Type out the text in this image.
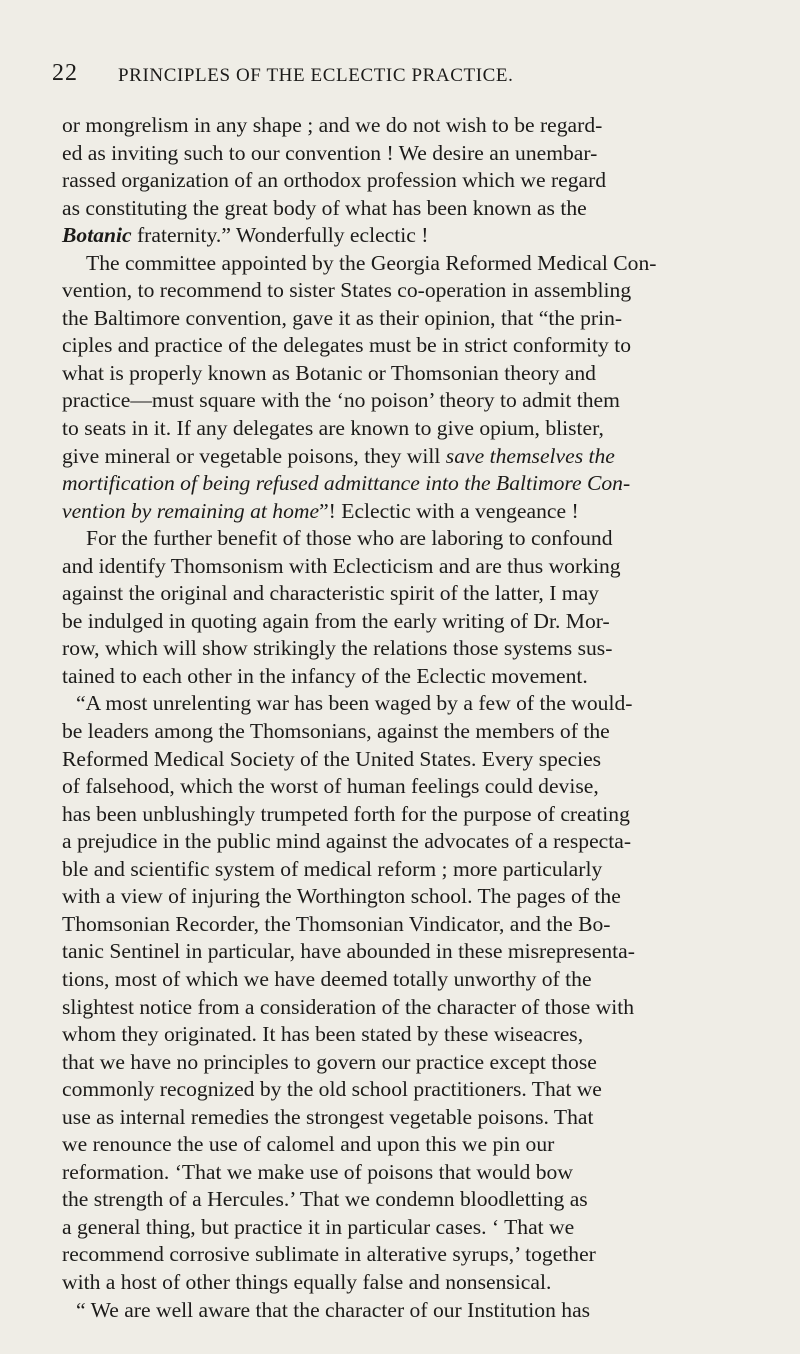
22 PRINCIPLES OF THE ECLECTIC PRACTICE.
or mongrelism in any shape ; and we do not wish to be regard-
ed as inviting such to our convention ! We desire an unembar-
rassed organization of an orthodox profession which we regard
as constituting the great body of what has been known as the
Botanic fraternity.” Wonderfully eclectic !
The committee appointed by the Georgia Reformed Medical Con-
vention, to recommend to sister States co-operation in assembling
the Baltimore convention, gave it as their opinion, that “the prin-
ciples and practice of the delegates must be in strict conformity to
what is properly known as Botanic or Thomsonian theory and
practice—must square with the ‘no poison’ theory to admit them
to seats in it. If any delegates are known to give opium, blister,
give mineral or vegetable poisons, they will save themselves the
mortification of being refused admittance into the Baltimore Con-
vention by remaining at home”! Eclectic with a vengeance !
For the further benefit of those who are laboring to confound
and identify Thomsonism with Eclecticism and are thus working
against the original and characteristic spirit of the latter, I may
be indulged in quoting again from the early writing of Dr. Mor-
row, which will show strikingly the relations those systems sus-
tained to each other in the infancy of the Eclectic movement.
“A most unrelenting war has been waged by a few of the would-
be leaders among the Thomsonians, against the members of the
Reformed Medical Society of the United States. Every species
of falsehood, which the worst of human feelings could devise,
has been unblushingly trumpeted forth for the purpose of creating
a prejudice in the public mind against the advocates of a respecta-
ble and scientific system of medical reform ; more particularly
with a view of injuring the Worthington school. The pages of the
Thomsonian Recorder, the Thomsonian Vindicator, and the Bo-
tanic Sentinel in particular, have abounded in these misrepresenta-
tions, most of which we have deemed totally unworthy of the
slightest notice from a consideration of the character of those with
whom they originated. It has been stated by these wiseacres,
that we have no principles to govern our practice except those
commonly recognized by the old school practitioners. That we
use as internal remedies the strongest vegetable poisons. That
we renounce the use of calomel and upon this we pin our
reformation. ‘That we make use of poisons that would bow
the strength of a Hercules.’ That we condemn bloodletting as
a general thing, but practice it in particular cases. ‘ That we
recommend corrosive sublimate in alterative syrups,’ together
with a host of other things equally false and nonsensical.
“ We are well aware that the character of our Institution has
